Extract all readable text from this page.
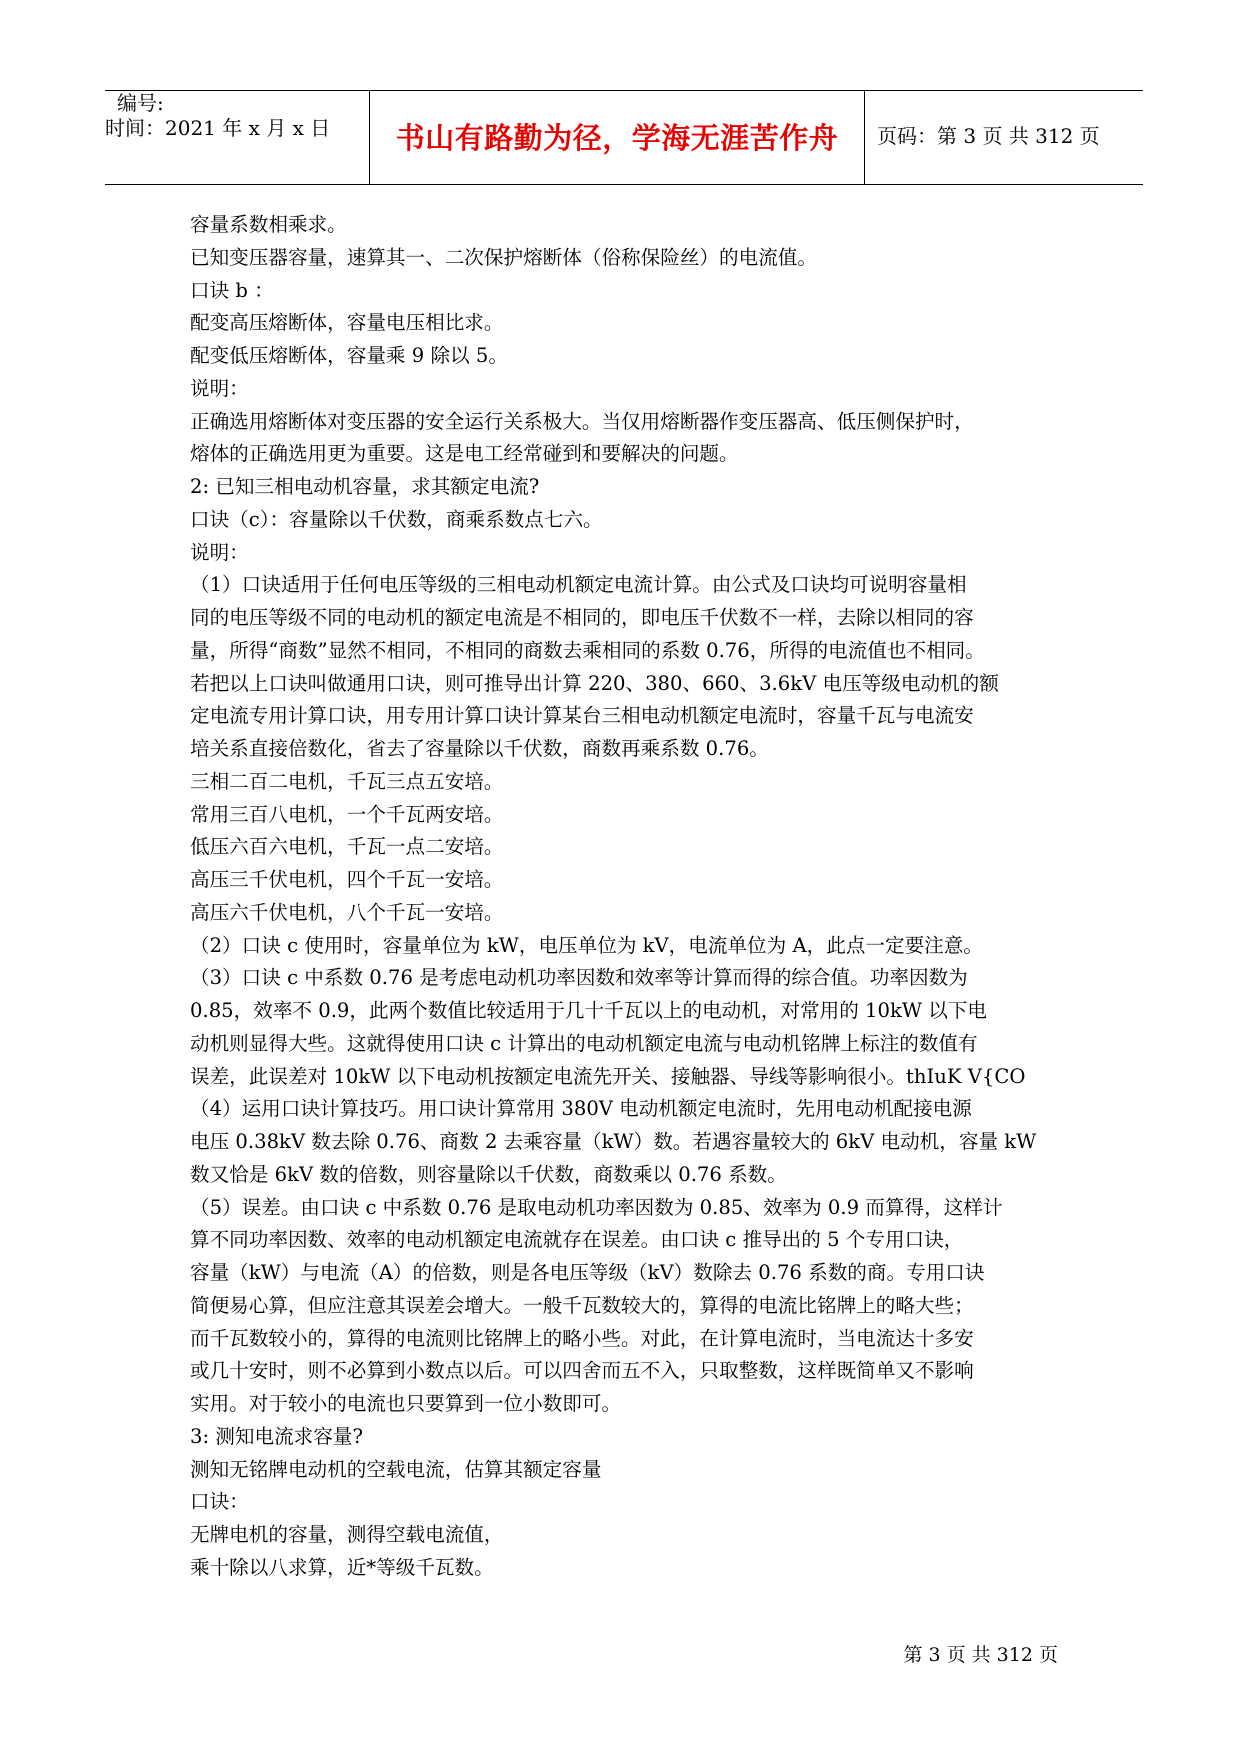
编号:
时间：2021 年 x 月 x 日	书山有路勤为径，学海无涯苦作舟	页码：第 3 页 共 312 页

容量系数相乘求。

已知变压器容量，速算其一、二次保护熔断体（俗称保险丝）的电流值。

口诀 b ：

配变高压熔断体，容量电压相比求。

配变低压熔断体，容量乘 9 除以 5。

说明：

正确选用熔断体对变压器的安全运行关系极大。当仅用熔断器作变压器高、低压侧保护时，

熔体的正确选用更为重要。这是电工经常碰到和要解决的问题。

2: 已知三相电动机容量，求其额定电流?

口诀（c）：容量除以千伏数，商乘系数点七六。

说明：

（1）口诀适用于任何电压等级的三相电动机额定电流计算。由公式及口诀均可说明容量相

同的电压等级不同的电动机的额定电流是不相同的，即电压千伏数不一样，去除以相同的容

量，所得“商数”显然不相同，不相同的商数去乘相同的系数 0.76，所得的电流值也不相同。

若把以上口诀叫做通用口诀，则可推导出计算 220、380、660、3.6kV 电压等级电动机的额

定电流专用计算口诀，用专用计算口诀计算某台三相电动机额定电流时，容量千瓦与电流安

培关系直接倍数化，省去了容量除以千伏数，商数再乘系数 0.76。

三相二百二电机，千瓦三点五安培。

常用三百八电机，一个千瓦两安培。

低压六百六电机，千瓦一点二安培。

高压三千伏电机，四个千瓦一安培。

高压六千伏电机，八个千瓦一安培。

（2）口诀 c 使用时，容量单位为 kW，电压单位为 kV，电流单位为 A，此点一定要注意。

（3）口诀 c 中系数 0.76 是考虑电动机功率因数和效率等计算而得的综合值。功率因数为

0.85，效率不 0.9，此两个数值比较适用于几十千瓦以上的电动机，对常用的 10kW 以下电

动机则显得大些。这就得使用口诀 c 计算出的电动机额定电流与电动机铭牌上标注的数值有

误差，此误差对 10kW 以下电动机按额定电流先开关、接触器、导线等影响很小。thIuK V{CO

（4）运用口诀计算技巧。用口诀计算常用 380V 电动机额定电流时，先用电动机配接电源

电压 0.38kV 数去除 0.76、商数 2 去乘容量（kW）数。若遇容量较大的 6kV 电动机，容量 kW

数又恰是 6kV 数的倍数，则容量除以千伏数，商数乘以 0.76 系数。

（5）误差。由口诀 c 中系数 0.76 是取电动机功率因数为 0.85、效率为 0.9 而算得，这样计

算不同功率因数、效率的电动机额定电流就存在误差。由口诀 c 推导出的 5 个专用口诀，

容量（kW）与电流（A）的倍数，则是各电压等级（kV）数除去 0.76 系数的商。专用口诀

简便易心算，但应注意其误差会增大。一般千瓦数较大的，算得的电流比铭牌上的略大些；

而千瓦数较小的，算得的电流则比铭牌上的略小些。对此，在计算电流时，当电流达十多安

或几十安时，则不必算到小数点以后。可以四舍而五不入，只取整数，这样既简单又不影响

实用。对于较小的电流也只要算到一位小数即可。

3: 测知电流求容量?

测知无铭牌电动机的空载电流，估算其额定容量

口诀：

无牌电机的容量，测得空载电流值，

乘十除以八求算，近*等级千瓦数。

第 3 页 共 312 页
